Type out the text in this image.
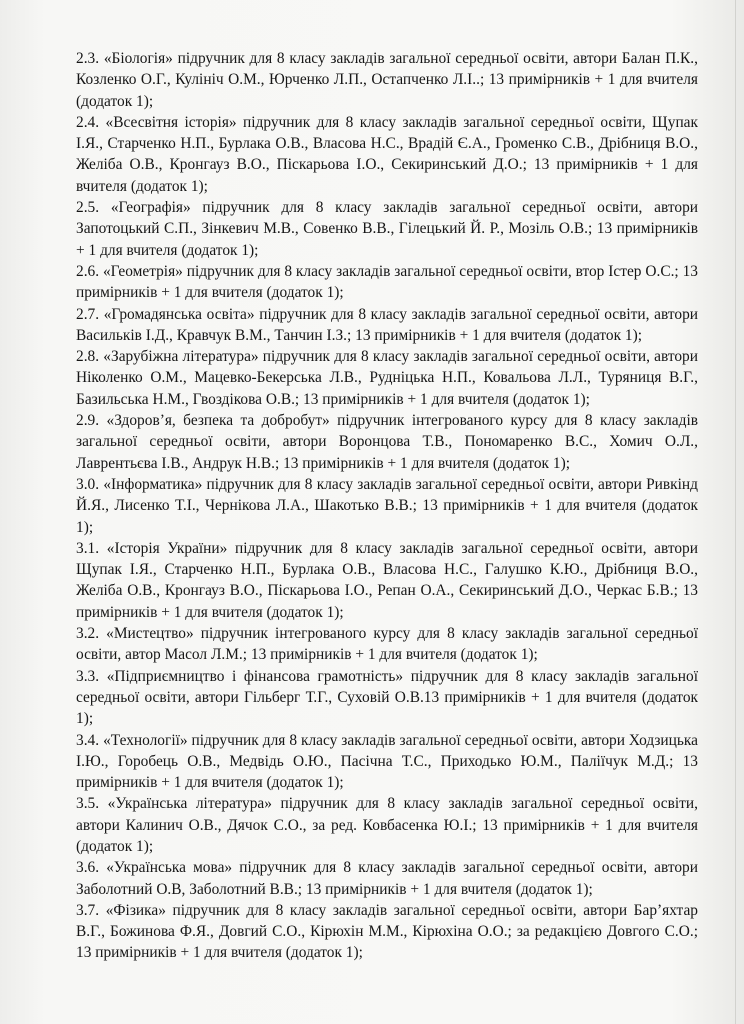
2.3. «Біологія» підручник для 8 класу закладів загальної середньої освіти, автори Балан П.К., Козленко О.Г., Кулініч О.М., Юрченко Л.П., Остапченко Л.І..; 13 примірників + 1 для вчителя (додаток 1);

2.4. «Всесвітня історія» підручник для 8 класу закладів загальної середньої освіти, Щупак І.Я., Старченко Н.П., Бурлака О.В., Власова Н.С., Врадій Є.А., Громенко С.В., Дрібниця В.О., Желіба О.В., Кронгауз В.О., Піскарьова І.О., Секиринський Д.О.; 13 примірників + 1 для вчителя (додаток 1);

2.5. «Географія» підручник для 8 класу закладів загальної середньої освіти, автори Запотоцький С.П., Зінкевич М.В., Совенко В.В., Гілецький Й. Р., Мозіль О.В.; 13 примірників + 1 для вчителя (додаток 1);

2.6. «Геометрія» підручник для 8 класу закладів загальної середньої освіти, втор Істер О.С.; 13 примірників + 1 для вчителя (додаток 1);

2.7. «Громадянська освіта» підручник для 8 класу закладів загальної середньої освіти, автори Васильків І.Д., Кравчук В.М., Танчин І.З.; 13 примірників + 1 для вчителя (додаток 1);

2.8. «Зарубіжна література» підручник для 8 класу закладів загальної середньої освіти, автори Ніколенко О.М., Мацевко-Бекерська Л.В., Рудніцька Н.П., Ковальова Л.Л., Туряниця В.Г., Базильська Н.М., Гвоздікова О.В.; 13 примірників + 1 для вчителя (додаток 1);

2.9. «Здоров’я, безпека та добробут» підручник інтегрованого курсу для 8 класу закладів загальної середньої освіти, автори Воронцова Т.В., Пономаренко В.С., Хомич О.Л., Лаврентьєва І.В., Андрук Н.В.; 13 примірників + 1 для вчителя (додаток 1);

3.0. «Інформатика» підручник для 8 класу закладів загальної середньої освіти, автори Ривкінд Й.Я., Лисенко Т.І., Чернікова Л.А., Шакотько В.В.; 13 примірників + 1 для вчителя (додаток 1);

3.1. «Історія України» підручник для 8 класу закладів загальної середньої освіти, автори Щупак І.Я., Старченко Н.П., Бурлака О.В., Власова Н.С., Галушко К.Ю., Дрібниця В.О., Желіба О.В., Кронгауз В.О., Піскарьова І.О., Репан О.А., Секиринський Д.О., Черкас Б.В.; 13 примірників + 1 для вчителя (додаток 1);

3.2. «Мистецтво» підручник інтегрованого курсу для 8 класу закладів загальної середньої освіти, автор Масол Л.М.; 13 примірників + 1 для вчителя (додаток 1);

3.3. «Підприємництво і фінансова грамотність» підручник для 8 класу закладів загальної середньої освіти, автори Гільберг Т.Г., Суховій О.В.13 примірників + 1 для вчителя (додаток 1);

3.4. «Технології» підручник для 8 класу закладів загальної середньої освіти, автори Ходзицька І.Ю., Горобець О.В., Медвідь О.Ю., Пасічна Т.С., Приходько Ю.М., Паліїчук М.Д.; 13 примірників + 1 для вчителя (додаток 1);

3.5. «Українська література» підручник для 8 класу закладів загальної середньої освіти, автори Калинич О.В., Дячок С.О., за ред. Ковбасенка Ю.І.; 13 примірників + 1 для вчителя (додаток 1);

3.6. «Українська мова» підручник для 8 класу закладів загальної середньої освіти, автори Заболотний О.В, Заболотний В.В.; 13 примірників + 1 для вчителя (додаток 1);

3.7. «Фізика» підручник для 8 класу закладів загальної середньої освіти, автори Бар’яхтар В.Г., Божинова Ф.Я., Довгий С.О., Кірюхін М.М., Кірюхіна О.О.; за редакцією Довгого С.О.; 13 примірників + 1 для вчителя (додаток 1);
